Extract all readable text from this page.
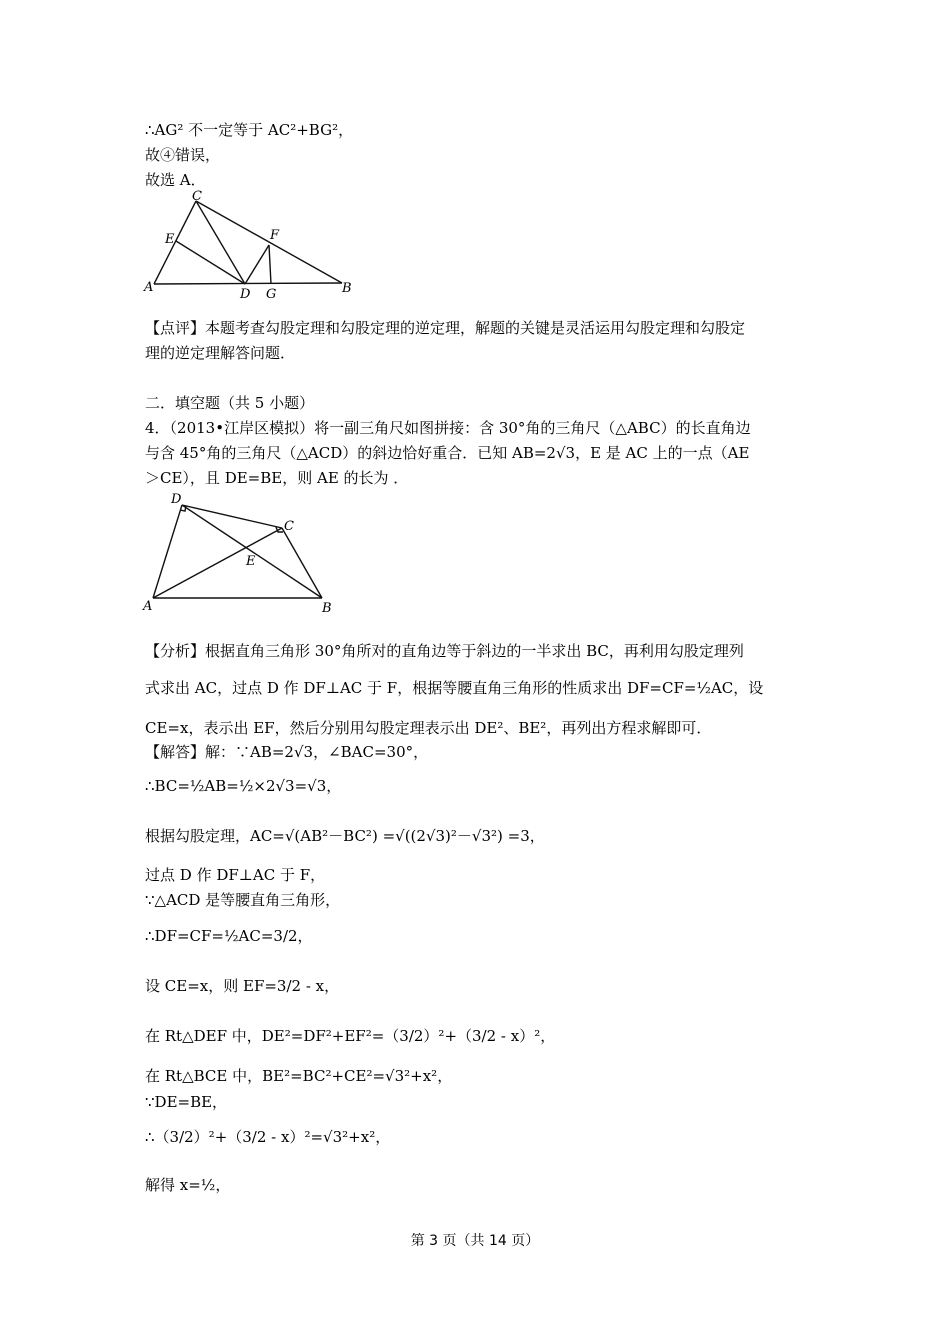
∴AG² 不一定等于 AC²+BG²，
故④错误，
故选 A．
C
E	F
A	D G	B
【点评】本题考查勾股定理和勾股定理的逆定理，解题的关键是灵活运用勾股定理和勾股定
理的逆定理解答问题．
二．填空题（共 5 小题）
4．（2013•江岸区模拟）将一副三角尺如图拼接：含 30°角的三角尺（△ABC）的长直角边
与含 45°角的三角尺（△ACD）的斜边恰好重合．已知 AB=2√3，E 是 AC 上的一点（AE
＞CE），且 DE=BE，则 AE 的长为 ．
D
C
E
A	B
【分析】根据直角三角形 30°角所对的直角边等于斜边的一半求出 BC，再利用勾股定理列
式求出 AC，过点 D 作 DF⊥AC 于 F，根据等腰直角三角形的性质求出 DF=CF=½AC，设
CE=x，表示出 EF，然后分别用勾股定理表示出 DE²、BE²，再列出方程求解即可．
【解答】解：∵AB=2√3，∠BAC=30°，
∴BC=½AB=½×2√3=√3，
根据勾股定理，AC=√(AB²－BC²) =√((2√3)²－√3²) =3，
过点 D 作 DF⊥AC 于 F，
∵△ACD 是等腰直角三角形，
∴DF=CF=½AC=3/2，
设 CE=x，则 EF=3/2 - x，
在 Rt△DEF 中，DE²=DF²+EF²=（3/2）²+（3/2 - x）²，
在 Rt△BCE 中，BE²=BC²+CE²=√3²+x²，
∵DE=BE，
∴（3/2）²+（3/2 - x）²=√3²+x²，
解得 x=½，
第 3 页（共 14 页）
